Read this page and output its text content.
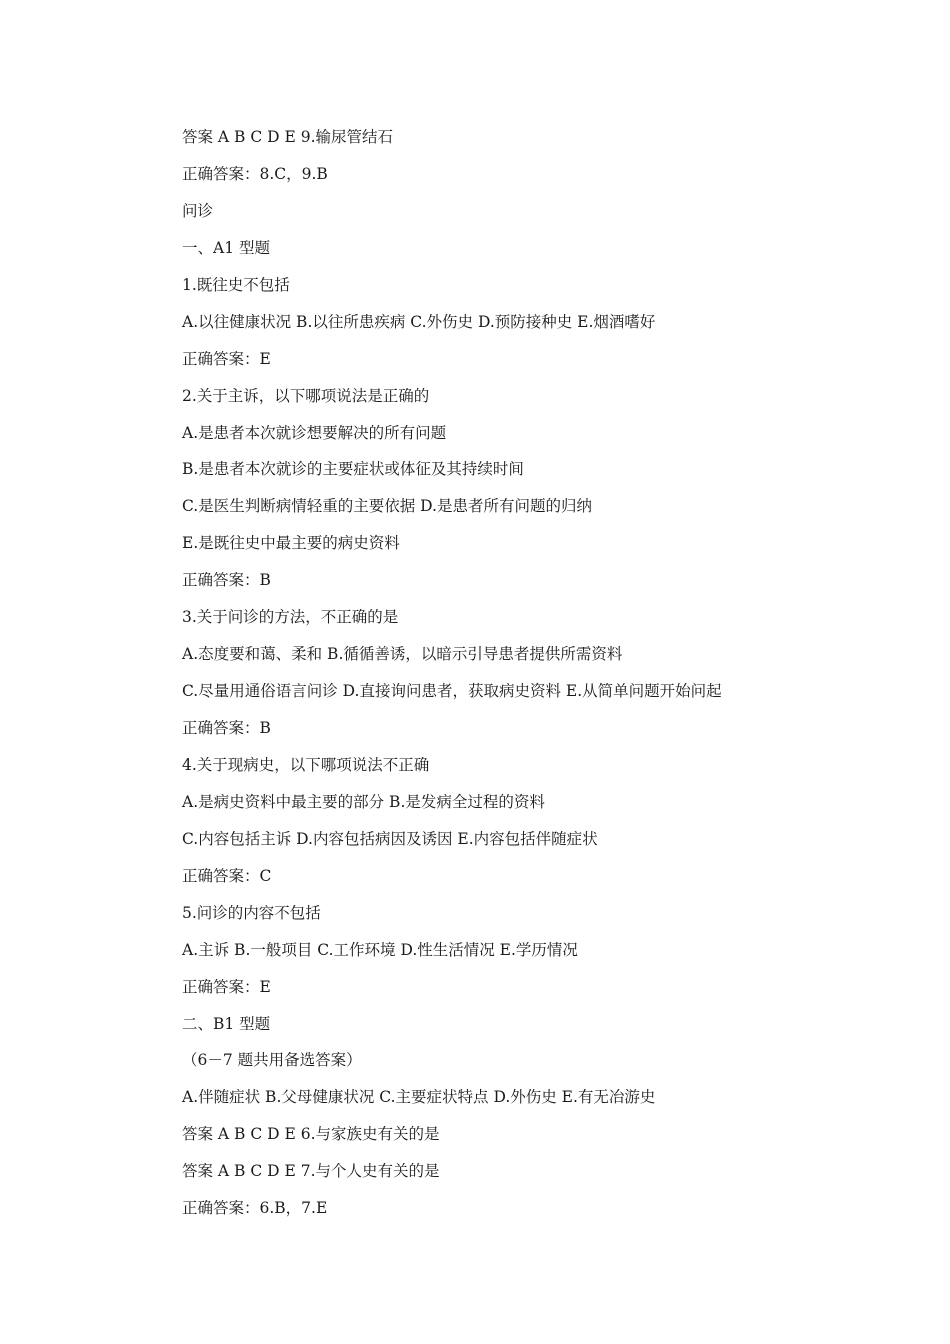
答案 A B C D E 9.输尿管结石
正确答案：8.C，9.B
问诊
一、A1 型题
1.既往史不包括
A.以往健康状况 B.以往所患疾病 C.外伤史 D.预防接种史 E.烟酒嗜好
正确答案：E
2.关于主诉，以下哪项说法是正确的
A.是患者本次就诊想要解决的所有问题
B.是患者本次就诊的主要症状或体征及其持续时间
C.是医生判断病情轻重的主要依据 D.是患者所有问题的归纳
E.是既往史中最主要的病史资料
正确答案：B
3.关于问诊的方法，不正确的是
A.态度要和蔼、柔和 B.循循善诱，以暗示引导患者提供所需资料
C.尽量用通俗语言问诊 D.直接询问患者，获取病史资料 E.从简单问题开始问起
正确答案：B
4.关于现病史，以下哪项说法不正确
A.是病史资料中最主要的部分 B.是发病全过程的资料
C.内容包括主诉 D.内容包括病因及诱因 E.内容包括伴随症状
正确答案：C
5.问诊的内容不包括
A.主诉 B.一般项目 C.工作环境 D.性生活情况 E.学历情况
正确答案：E
二、B1 型题
（6－7 题共用备选答案）
A.伴随症状 B.父母健康状况 C.主要症状特点 D.外伤史 E.有无冶游史
答案 A B C D E 6.与家族史有关的是
答案 A B C D E 7.与个人史有关的是
正确答案：6.B，7.E
